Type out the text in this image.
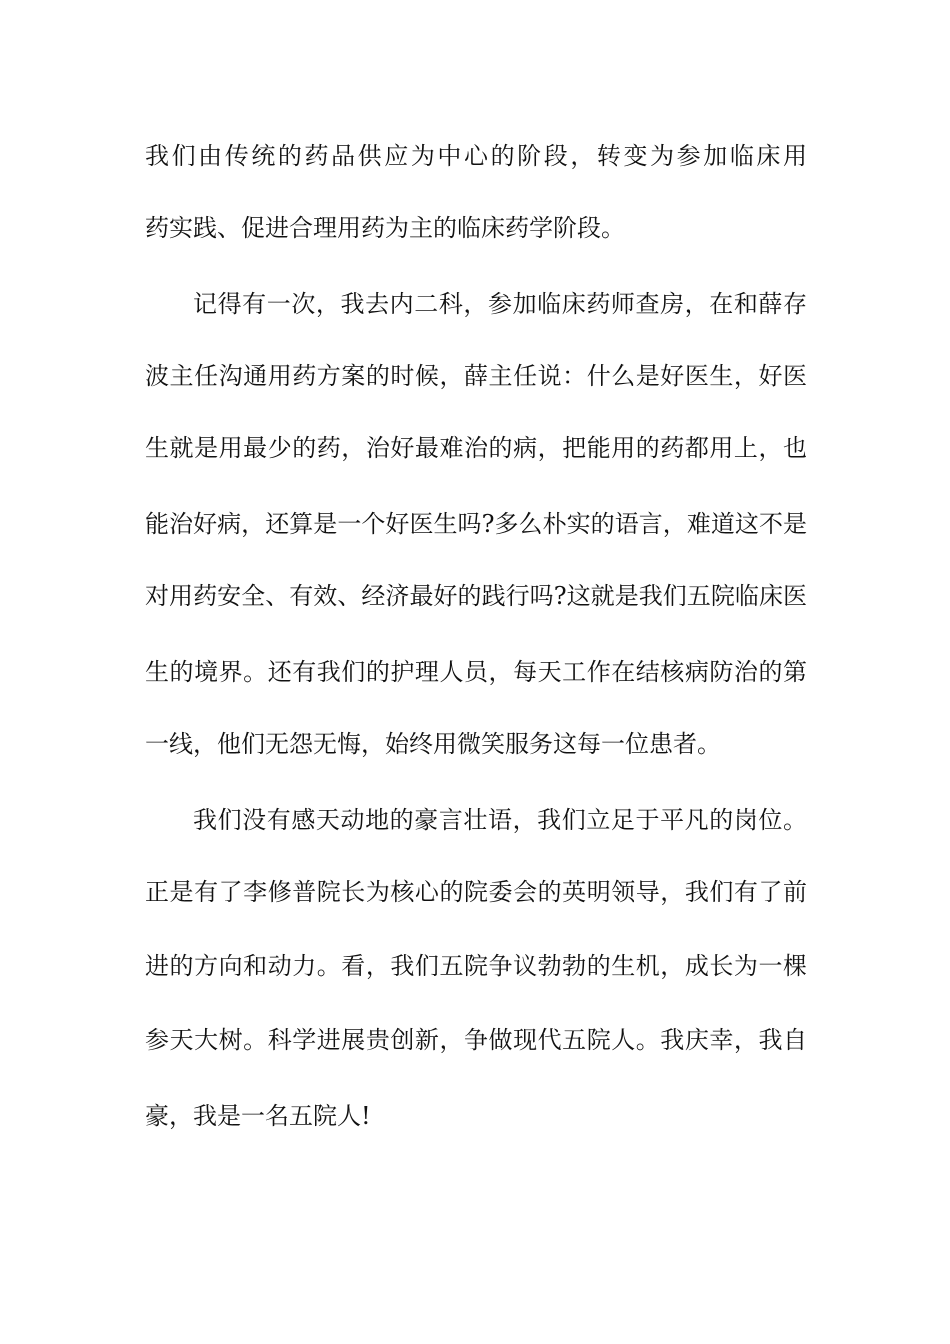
我们由传统的药品供应为中心的阶段，转变为参加临床用
药实践、促进合理用药为主的临床药学阶段。
记得有一次，我去内二科，参加临床药师查房，在和薛存
波主任沟通用药方案的时候，薛主任说：什么是好医生，好医
生就是用最少的药，治好最难治的病，把能用的药都用上，也
能治好病，还算是一个好医生吗?多么朴实的语言，难道这不是
对用药安全、有效、经济最好的践行吗?这就是我们五院临床医
生的境界。还有我们的护理人员，每天工作在结核病防治的第
一线，他们无怨无悔，始终用微笑服务这每一位患者。
我们没有感天动地的豪言壮语，我们立足于平凡的岗位。
正是有了李修普院长为核心的院委会的英明领导，我们有了前
进的方向和动力。看，我们五院争议勃勃的生机，成长为一棵
参天大树。科学进展贵创新，争做现代五院人。我庆幸，我自
豪，我是一名五院人!
